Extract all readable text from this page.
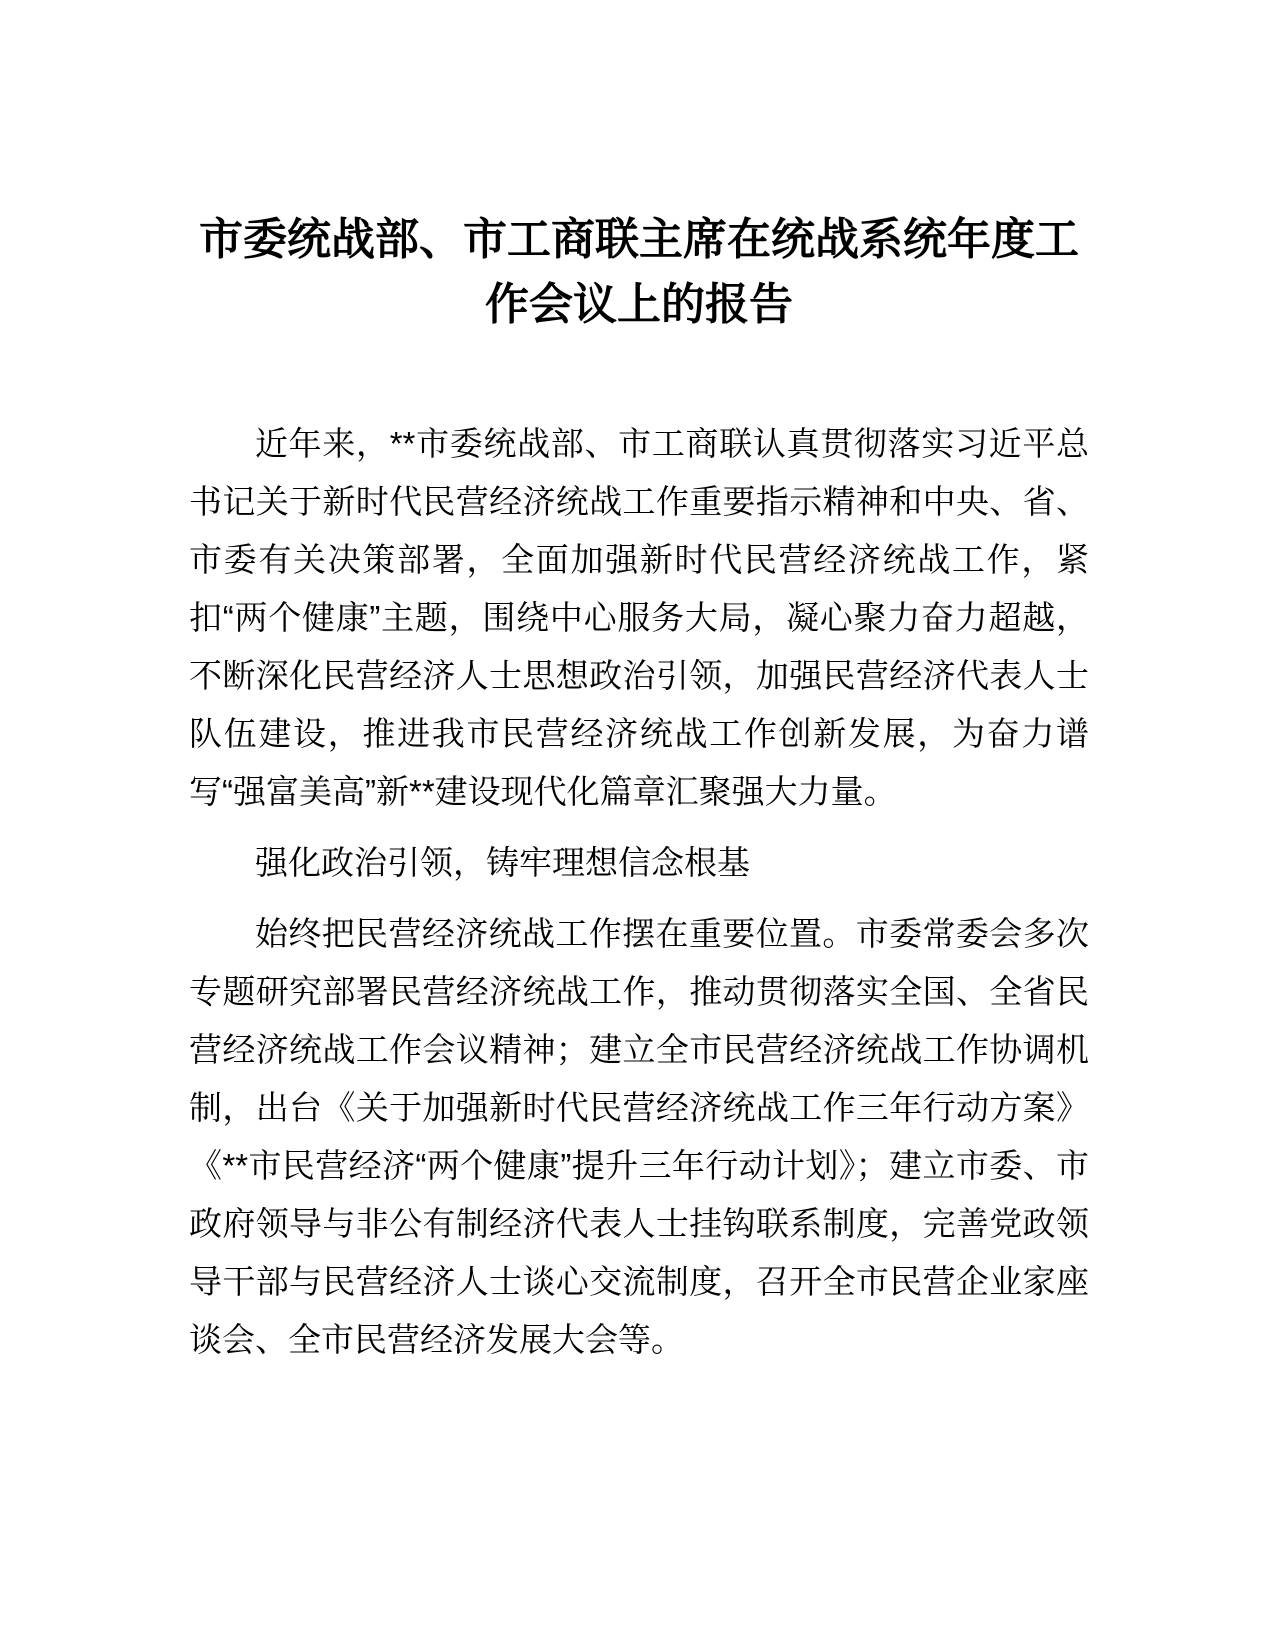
市委统战部、市工商联主席在统战系统年度工作会议上的报告

近年来，**市委统战部、市工商联认真贯彻落实习近平总书记关于新时代民营经济统战工作重要指示精神和中央、省、市委有关决策部署，全面加强新时代民营经济统战工作，紧扣“两个健康”主题，围绕中心服务大局，凝心聚力奋力超越，不断深化民营经济人士思想政治引领，加强民营经济代表人士队伍建设，推进我市民营经济统战工作创新发展，为奋力谱写“强富美高”新**建设现代化篇章汇聚强大力量。

强化政治引领，铸牢理想信念根基

始终把民营经济统战工作摆在重要位置。市委常委会多次专题研究部署民营经济统战工作，推动贯彻落实全国、全省民营经济统战工作会议精神；建立全市民营经济统战工作协调机制，出台《关于加强新时代民营经济统战工作三年行动方案》《**市民营经济“两个健康”提升三年行动计划》；建立市委、市政府领导与非公有制经济代表人士挂钩联系制度，完善党政领导干部与民营经济人士谈心交流制度，召开全市民营企业家座谈会、全市民营经济发展大会等。
